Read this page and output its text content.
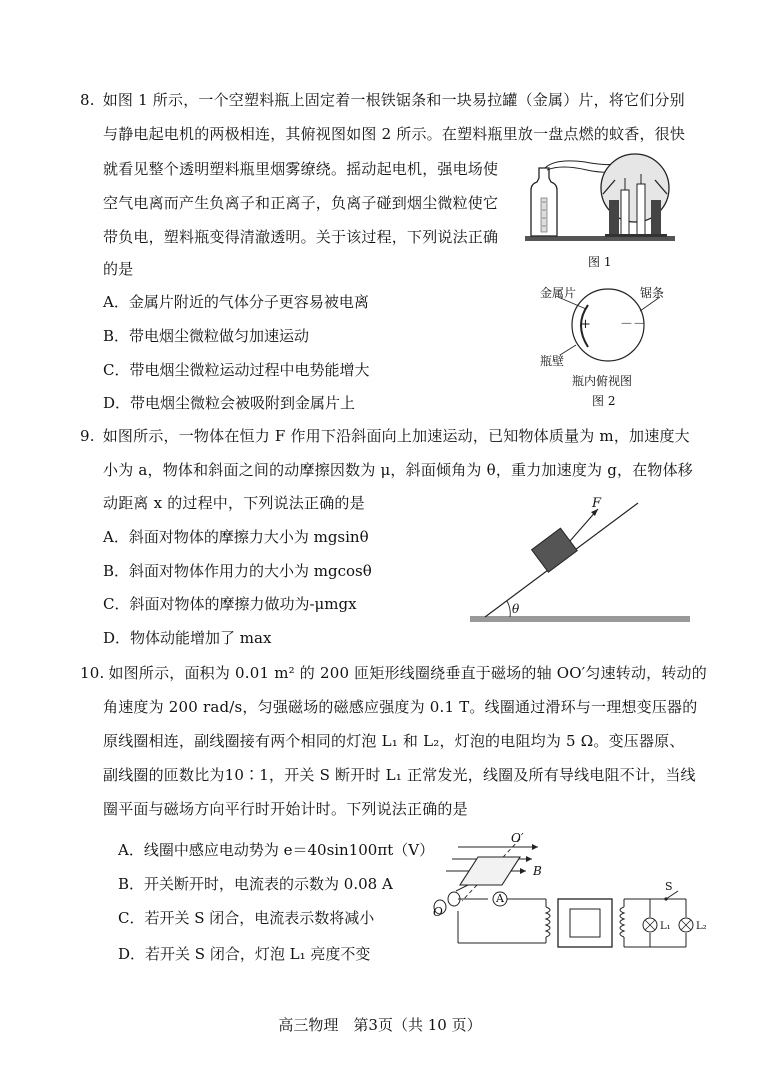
8. 如图 1 所示，一个空塑料瓶上固定着一根铁锯条和一块易拉罐（金属）片，将它们分别
与静电起电机的两极相连，其俯视图如图 2 所示。在塑料瓶里放一盘点燃的蚊香，很快
就看见整个透明塑料瓶里烟雾缭绕。摇动起电机，强电场使
空气电离而产生负离子和正离子，负离子碰到烟尘微粒使它
带负电，塑料瓶变得清澈透明。关于该过程，下列说法正确
的是
A．金属片附近的气体分子更容易被电离
B．带电烟尘微粒做匀加速运动
C．带电烟尘微粒运动过程中电势能增大
D．带电烟尘微粒会被吸附到金属片上
图 1
金属片	锯条
+ －－
瓶壁
瓶内俯视图
图 2
9. 如图所示，一物体在恒力 F 作用下沿斜面向上加速运动，已知物体质量为 m，加速度大
小为 a，物体和斜面之间的动摩擦因数为 μ，斜面倾角为 θ，重力加速度为 g，在物体移
动距离 x 的过程中，下列说法正确的是
A．斜面对物体的摩擦力大小为 mgsinθ
B．斜面对物体作用力的大小为 mgcosθ
C．斜面对物体的摩擦力做功为-μmgx
D．物体动能增加了 max
F
θ
10. 如图所示，面积为 0.01 m² 的 200 匝矩形线圈绕垂直于磁场的轴 OO′匀速转动，转动的
角速度为 200 rad/s，匀强磁场的磁感应强度为 0.1 T。线圈通过滑环与一理想变压器的
原线圈相连，副线圈接有两个相同的灯泡 L₁ 和 L₂，灯泡的电阻均为 5 Ω。变压器原、
副线圈的匝数比为10∶1，开关 S 断开时 L₁ 正常发光，线圈及所有导线电阻不计，当线
圈平面与磁场方向平行时开始计时。下列说法正确的是
A．线圈中感应电动势为 e＝40sin100πt（V）
B．开关断开时，电流表的示数为 0.08 A
C．若开关 S 闭合，电流表示数将减小
D．若开关 S 闭合，灯泡 L₁ 亮度不变
O′
O
B
A
S
L₁	L₂
高三物理　第3页（共 10 页）
